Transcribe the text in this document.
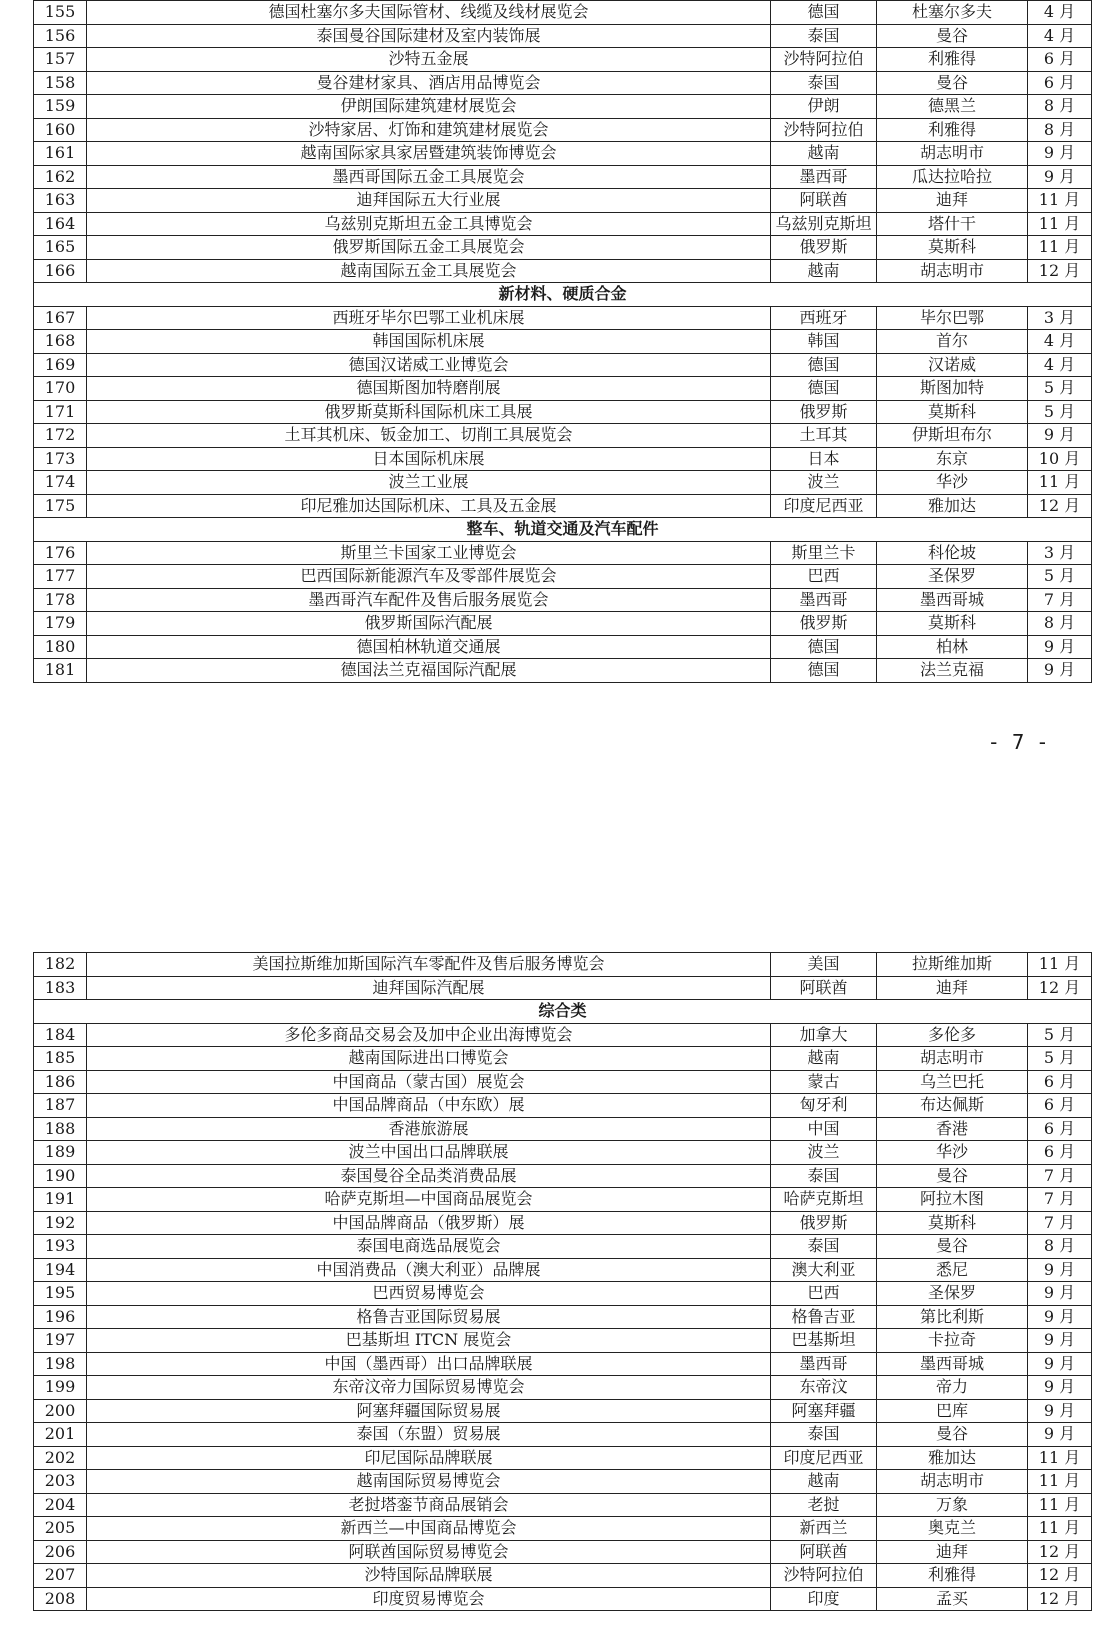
155	德国杜塞尔多夫国际管材、线缆及线材展览会	德国	杜塞尔多夫	4 月
156	泰国曼谷国际建材及室内装饰展	泰国	曼谷	4 月
157	沙特五金展	沙特阿拉伯	利雅得	6 月
158	曼谷建材家具、酒店用品博览会	泰国	曼谷	6 月
159	伊朗国际建筑建材展览会	伊朗	德黑兰	8 月
160	沙特家居、灯饰和建筑建材展览会	沙特阿拉伯	利雅得	8 月
161	越南国际家具家居暨建筑装饰博览会	越南	胡志明市	9 月
162	墨西哥国际五金工具展览会	墨西哥	瓜达拉哈拉	9 月
163	迪拜国际五大行业展	阿联酋	迪拜	11 月
164	乌兹别克斯坦五金工具博览会	乌兹别克斯坦	塔什干	11 月
165	俄罗斯国际五金工具展览会	俄罗斯	莫斯科	11 月
166	越南国际五金工具展览会	越南	胡志明市	12 月
新材料、硬质合金				
167	西班牙毕尔巴鄂工业机床展	西班牙	毕尔巴鄂	3 月
168	韩国国际机床展	韩国	首尔	4 月
169	德国汉诺威工业博览会	德国	汉诺威	4 月
170	德国斯图加特磨削展	德国	斯图加特	5 月
171	俄罗斯莫斯科国际机床工具展	俄罗斯	莫斯科	5 月
172	土耳其机床、钣金加工、切削工具展览会	土耳其	伊斯坦布尔	9 月
173	日本国际机床展	日本	东京	10 月
174	波兰工业展	波兰	华沙	11 月
175	印尼雅加达国际机床、工具及五金展	印度尼西亚	雅加达	12 月
整车、轨道交通及汽车配件				
176	斯里兰卡国家工业博览会	斯里兰卡	科伦坡	3 月
177	巴西国际新能源汽车及零部件展览会	巴西	圣保罗	5 月
178	墨西哥汽车配件及售后服务展览会	墨西哥	墨西哥城	7 月
179	俄罗斯国际汽配展	俄罗斯	莫斯科	8 月
180	德国柏林轨道交通展	德国	柏林	9 月
181	德国法兰克福国际汽配展	德国	法兰克福	9 月
- 7 -
182	美国拉斯维加斯国际汽车零配件及售后服务博览会	美国	拉斯维加斯	11 月
183	迪拜国际汽配展	阿联酋	迪拜	12 月
综合类				
184	多伦多商品交易会及加中企业出海博览会	加拿大	多伦多	5 月
185	越南国际进出口博览会	越南	胡志明市	5 月
186	中国商品（蒙古国）展览会	蒙古	乌兰巴托	6 月
187	中国品牌商品（中东欧）展	匈牙利	布达佩斯	6 月
188	香港旅游展	中国	香港	6 月
189	波兰中国出口品牌联展	波兰	华沙	6 月
190	泰国曼谷全品类消费品展	泰国	曼谷	7 月
191	哈萨克斯坦—中国商品展览会	哈萨克斯坦	阿拉木图	7 月
192	中国品牌商品（俄罗斯）展	俄罗斯	莫斯科	7 月
193	泰国电商选品展览会	泰国	曼谷	8 月
194	中国消费品（澳大利亚）品牌展	澳大利亚	悉尼	9 月
195	巴西贸易博览会	巴西	圣保罗	9 月
196	格鲁吉亚国际贸易展	格鲁吉亚	第比利斯	9 月
197	巴基斯坦 ITCN 展览会	巴基斯坦	卡拉奇	9 月
198	中国（墨西哥）出口品牌联展	墨西哥	墨西哥城	9 月
199	东帝汶帝力国际贸易博览会	东帝汶	帝力	9 月
200	阿塞拜疆国际贸易展	阿塞拜疆	巴库	9 月
201	泰国（东盟）贸易展	泰国	曼谷	9 月
202	印尼国际品牌联展	印度尼西亚	雅加达	11 月
203	越南国际贸易博览会	越南	胡志明市	11 月
204	老挝塔銮节商品展销会	老挝	万象	11 月
205	新西兰—中国商品博览会	新西兰	奥克兰	11 月
206	阿联酋国际贸易博览会	阿联酋	迪拜	12 月
207	沙特国际品牌联展	沙特阿拉伯	利雅得	12 月
208	印度贸易博览会	印度	孟买	12 月
